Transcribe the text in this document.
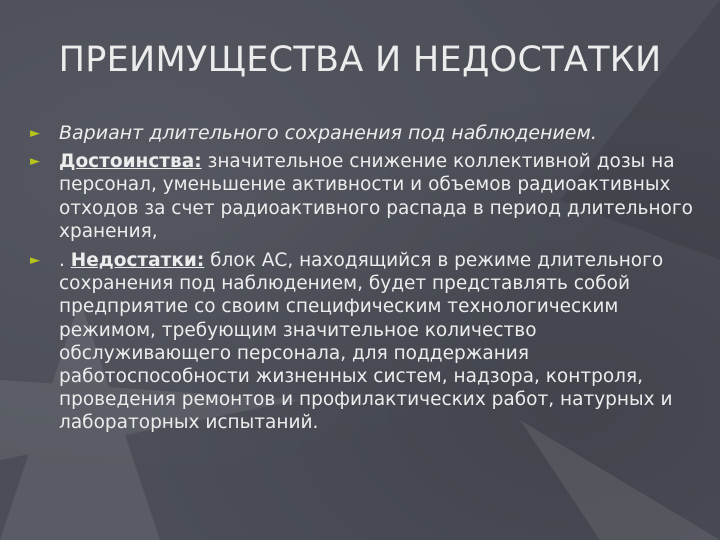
ПРЕИМУЩЕСТВА И НЕДОСТАТКИ
► Вариант длительного сохранения под наблюдением.
► Достоинства: значительное снижение коллективной дозы на персонал, уменьшение активности и объемов радиоактивных отходов за счет радиоактивного распада в период длительного хранения,
► . Недостатки: блок АС, находящийся в режиме длительного сохранения под наблюдением, будет представлять собой предприятие со своим специфическим технологическим режимом, требующим значительное количество обслуживающего персонала, для поддержания работоспособности жизненных систем, надзора, контроля, проведения ремонтов и профилактических работ, натурных и лабораторных испытаний.
